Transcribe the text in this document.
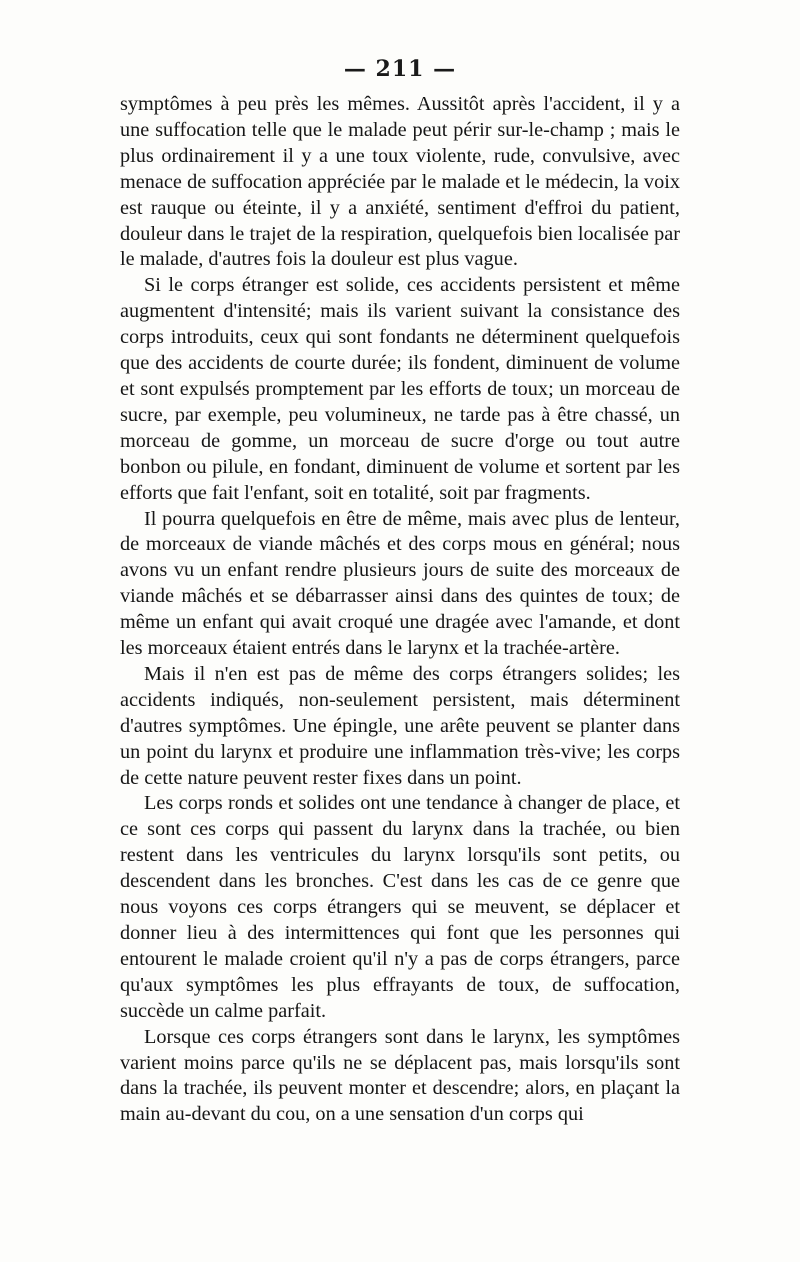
— 211 —

symptômes à peu près les mêmes. Aussitôt après l'accident, il y a une suffocation telle que le malade peut périr sur-le-champ ; mais le plus ordinairement il y a une toux violente, rude, convulsive, avec menace de suffocation appréciée par le malade et le médecin, la voix est rauque ou éteinte, il y a anxiété, sentiment d'effroi du patient, douleur dans le trajet de la respiration, quelquefois bien localisée par le malade, d'autres fois la douleur est plus vague.

Si le corps étranger est solide, ces accidents persistent et même augmentent d'intensité; mais ils varient suivant la consistance des corps introduits, ceux qui sont fondants ne déterminent quelquefois que des accidents de courte durée; ils fondent, diminuent de volume et sont expulsés promptement par les efforts de toux; un morceau de sucre, par exemple, peu volumineux, ne tarde pas à être chassé, un morceau de gomme, un morceau de sucre d'orge ou tout autre bonbon ou pilule, en fondant, diminuent de volume et sortent par les efforts que fait l'enfant, soit en totalité, soit par fragments.

Il pourra quelquefois en être de même, mais avec plus de lenteur, de morceaux de viande mâchés et des corps mous en général; nous avons vu un enfant rendre plusieurs jours de suite des morceaux de viande mâchés et se débarrasser ainsi dans des quintes de toux; de même un enfant qui avait croqué une dragée avec l'amande, et dont les morceaux étaient entrés dans le larynx et la trachée-artère.

Mais il n'en est pas de même des corps étrangers solides; les accidents indiqués, non-seulement persistent, mais déterminent d'autres symptômes. Une épingle, une arête peuvent se planter dans un point du larynx et produire une inflammation très-vive; les corps de cette nature peuvent rester fixes dans un point.

Les corps ronds et solides ont une tendance à changer de place, et ce sont ces corps qui passent du larynx dans la trachée, ou bien restent dans les ventricules du larynx lorsqu'ils sont petits, ou descendent dans les bronches. C'est dans les cas de ce genre que nous voyons ces corps étrangers qui se meuvent, se déplacer et donner lieu à des intermittences qui font que les personnes qui entourent le malade croient qu'il n'y a pas de corps étrangers, parce qu'aux symptômes les plus effrayants de toux, de suffocation, succède un calme parfait.

Lorsque ces corps étrangers sont dans le larynx, les symptômes varient moins parce qu'ils ne se déplacent pas, mais lorsqu'ils sont dans la trachée, ils peuvent monter et descendre; alors, en plaçant la main au-devant du cou, on a une sensation d'un corps qui
